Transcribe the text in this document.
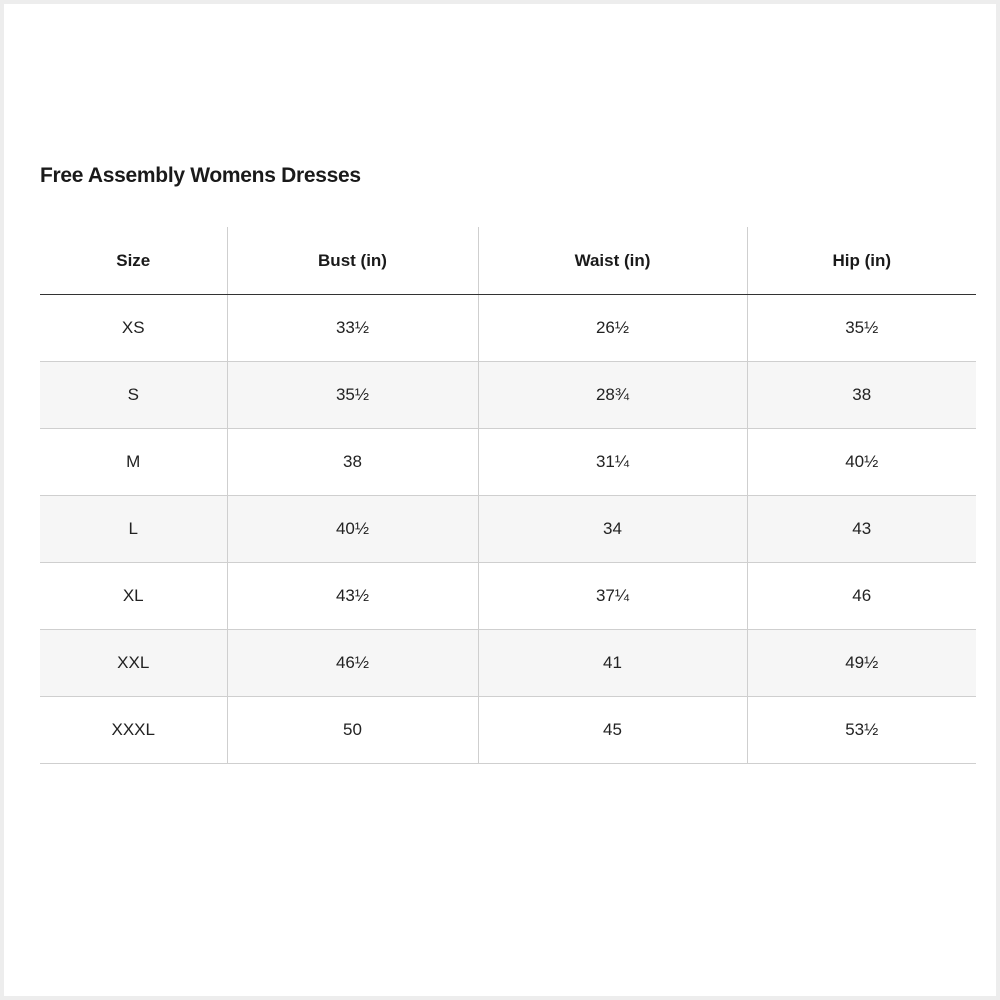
Free Assembly Womens Dresses
Size	Bust (in)	Waist (in)	Hip (in)
XS	33½	26½	35½
S	35½	28¾	38
M	38	31¼	40½
L	40½	34	43
XL	43½	37¼	46
XXL	46½	41	49½
XXXL	50	45	53½
